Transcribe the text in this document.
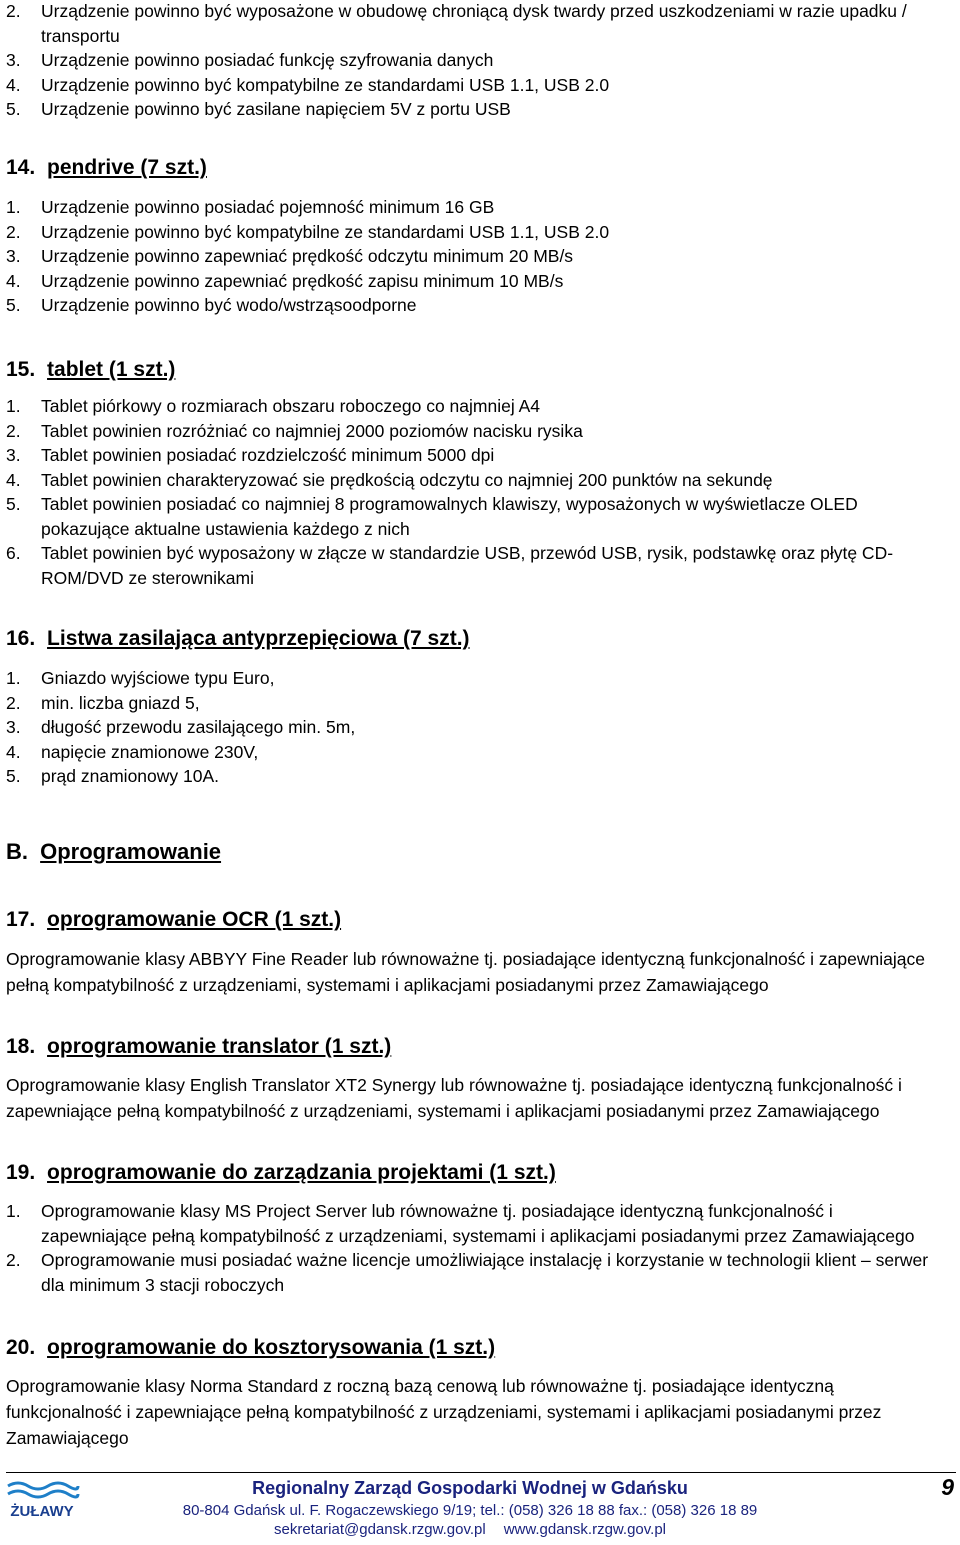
2. Urządzenie powinno być wyposażone w obudowę chroniącą dysk twardy przed uszkodzeniami w razie upadku / transportu
3. Urządzenie powinno posiadać funkcję szyfrowania danych
4. Urządzenie powinno być kompatybilne ze standardami USB 1.1, USB 2.0
5. Urządzenie powinno być zasilane napięciem 5V z portu USB
14. pendrive (7 szt.)
1. Urządzenie powinno posiadać pojemność minimum 16 GB
2. Urządzenie powinno być kompatybilne ze standardami USB 1.1, USB 2.0
3. Urządzenie powinno zapewniać prędkość odczytu minimum 20 MB/s
4. Urządzenie powinno zapewniać prędkość zapisu minimum 10 MB/s
5. Urządzenie powinno być wodo/wstrząsoodporne
15. tablet (1 szt.)
1. Tablet piórkowy o rozmiarach obszaru roboczego co najmniej A4
2. Tablet powinien rozróżniać co najmniej 2000 poziomów nacisku rysika
3. Tablet powinien posiadać rozdzielczość minimum 5000 dpi
4. Tablet powinien charakteryzować sie prędkością odczytu co najmniej 200 punktów na sekundę
5. Tablet powinien posiadać co najmniej 8 programowalnych klawiszy, wyposażonych w wyświetlacze OLED pokazujące aktualne ustawienia każdego z nich
6. Tablet powinien być wyposażony w złącze w standardzie USB, przewód USB, rysik, podstawkę oraz płytę CD-ROM/DVD ze sterownikami
16. Listwa zasilająca antyprzepięciowa (7 szt.)
1. Gniazdo wyjściowe typu Euro,
2. min. liczba gniazd 5,
3. długość przewodu zasilającego min. 5m,
4. napięcie znamionowe 230V,
5. prąd znamionowy 10A.
B. Oprogramowanie
17. oprogramowanie OCR (1 szt.)
Oprogramowanie klasy ABBYY Fine Reader lub równoważne tj. posiadające identyczną funkcjonalność i zapewniające pełną kompatybilność z urządzeniami, systemami i aplikacjami posiadanymi przez Zamawiającego
18. oprogramowanie translator (1 szt.)
Oprogramowanie klasy English Translator XT2 Synergy lub równoważne tj. posiadające identyczną funkcjonalność i zapewniające pełną kompatybilność z urządzeniami, systemami i aplikacjami posiadanymi przez Zamawiającego
19. oprogramowanie do zarządzania projektami (1 szt.)
1. Oprogramowanie klasy MS Project Server lub równoważne tj. posiadające identyczną funkcjonalność i zapewniające pełną kompatybilność z urządzeniami, systemami i aplikacjami posiadanymi przez Zamawiającego
2. Oprogramowanie musi posiadać ważne licencje umożliwiające instalację i korzystanie w technologii klient – serwer dla minimum 3 stacji roboczych
20. oprogramowanie do kosztorysowania (1 szt.)
Oprogramowanie klasy Norma Standard z roczną bazą cenową lub równoważne tj. posiadające identyczną funkcjonalność i zapewniające pełną kompatybilność z urządzeniami, systemami i aplikacjami posiadanymi przez Zamawiającego
ŻUŁAWY
Regionalny Zarząd Gospodarki Wodnej w Gdańsku
80-804 Gdańsk ul. F. Rogaczewskiego 9/19; tel.: (058) 326 18 88 fax.: (058) 326 18 89
sekretariat@gdansk.rzgw.gov.pl www.gdansk.rzgw.gov.pl
9
